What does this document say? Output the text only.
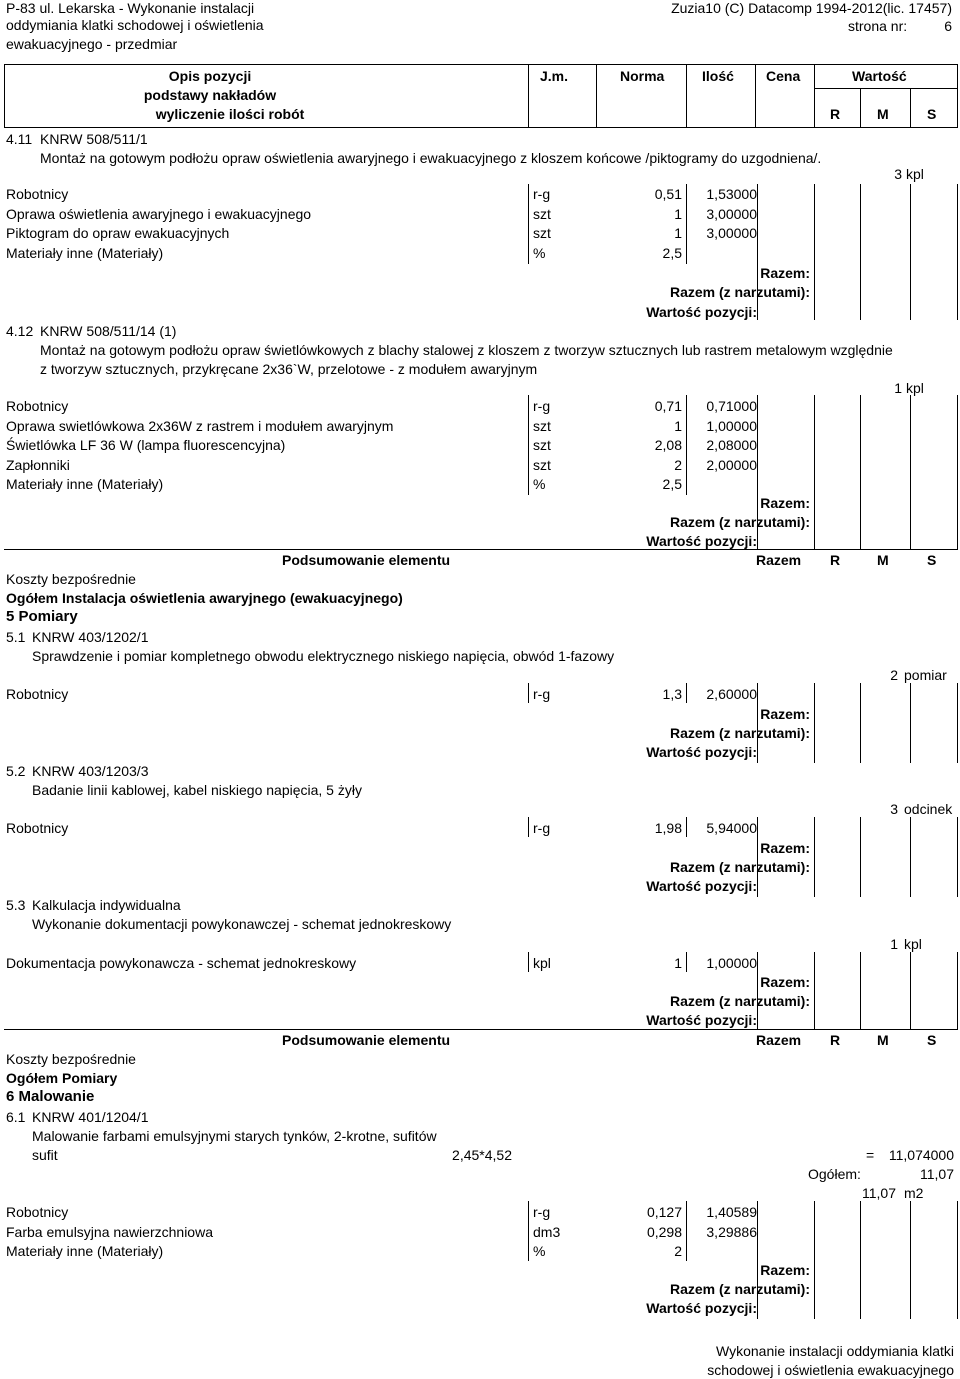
P-83 ul. Lekarska - Wykonanie instalacji
oddymiania klatki schodowej i oświetlenia
ewakuacyjnego - przedmiar
Zuzia10 (C) Datacomp 1994-2012(lic. 17457)
strona nr:	6
Opis pozycji
podstawy nakładów
wyliczenie ilości robót
J.m.	Norma	Ilość Cena	Wartość
R	M	S
4.11 KNRW 508/511/1
Montaż na gotowym podłożu opraw oświetlenia awaryjnego i ewakuacyjnego z kloszem końcowe /piktogramy do uzgodniena/.
3 kpl
Robotnicy	r-g	0,51 1,53000
Oprawa oświetlenia awaryjnego i ewakuacyjnego	szt	1 3,00000
Piktogram do opraw ewakuacyjnych	szt	1 3,00000
Materiały inne (Materiały)	%	2,5
Razem:
Razem (z narzutami):
Wartość pozycji:
4.12 KNRW 508/511/14 (1)
Montaż na gotowym podłożu opraw świetlówkowych z blachy stalowej z kloszem z tworzyw sztucznych lub rastrem metalowym względnie
z tworzyw sztucznych, przykręcane 2x36`W, przelotowe - z modułem awaryjnym
1 kpl
Robotnicy	r-g	0,71 0,71000
Oprawa swietlówkowa 2x36W z rastrem i modułem awaryjnym	szt	1 1,00000
Świetlówka LF 36 W (lampa fluorescencyjna)	szt	2,08 2,08000
Zapłonniki	szt	2 2,00000
Materiały inne (Materiały)	%	2,5
Razem:
Razem (z narzutami):
Wartość pozycji:
Podsumowanie elementu	Razem R	M	S
Koszty bezpośrednie
Ogółem Instalacja oświetlenia awaryjnego (ewakuacyjnego)
5 Pomiary
5.1 KNRW 403/1202/1
Sprawdzenie i pomiar kompletnego obwodu elektrycznego niskiego napięcia, obwód 1-fazowy
2 pomiar
Robotnicy	r-g	1,3 2,60000
Razem:
Razem (z narzutami):
Wartość pozycji:
5.2 KNRW 403/1203/3
Badanie linii kablowej, kabel niskiego napięcia, 5 żyły
3 odcinek
Robotnicy	r-g	1,98 5,94000
Razem:
Razem (z narzutami):
Wartość pozycji:
5.3 Kalkulacja indywidualna
Wykonanie dokumentacji powykonawczej - schemat jednokreskowy
1 kpl
Dokumentacja powykonawcza - schemat jednokreskowy	kpl	1 1,00000
Razem:
Razem (z narzutami):
Wartość pozycji:
Podsumowanie elementu	Razem R	M	S
Koszty bezpośrednie
Ogółem Pomiary
6 Malowanie
6.1 KNRW 401/1204/1
Malowanie farbami emulsyjnymi starych tynków, 2-krotne, sufitów
sufit	2,45*4,52	= 11,074000
Ogółem:	11,07
11,07 m2
Robotnicy	r-g	0,127 1,40589
Farba emulsyjna nawierzchniowa	dm3	0,298 3,29886
Materiały inne (Materiały)	%	2
Razem:
Razem (z narzutami):
Wartość pozycji:
Wykonanie instalacji oddymiania klatki
schodowej i oświetlenia ewakuacyjnego
